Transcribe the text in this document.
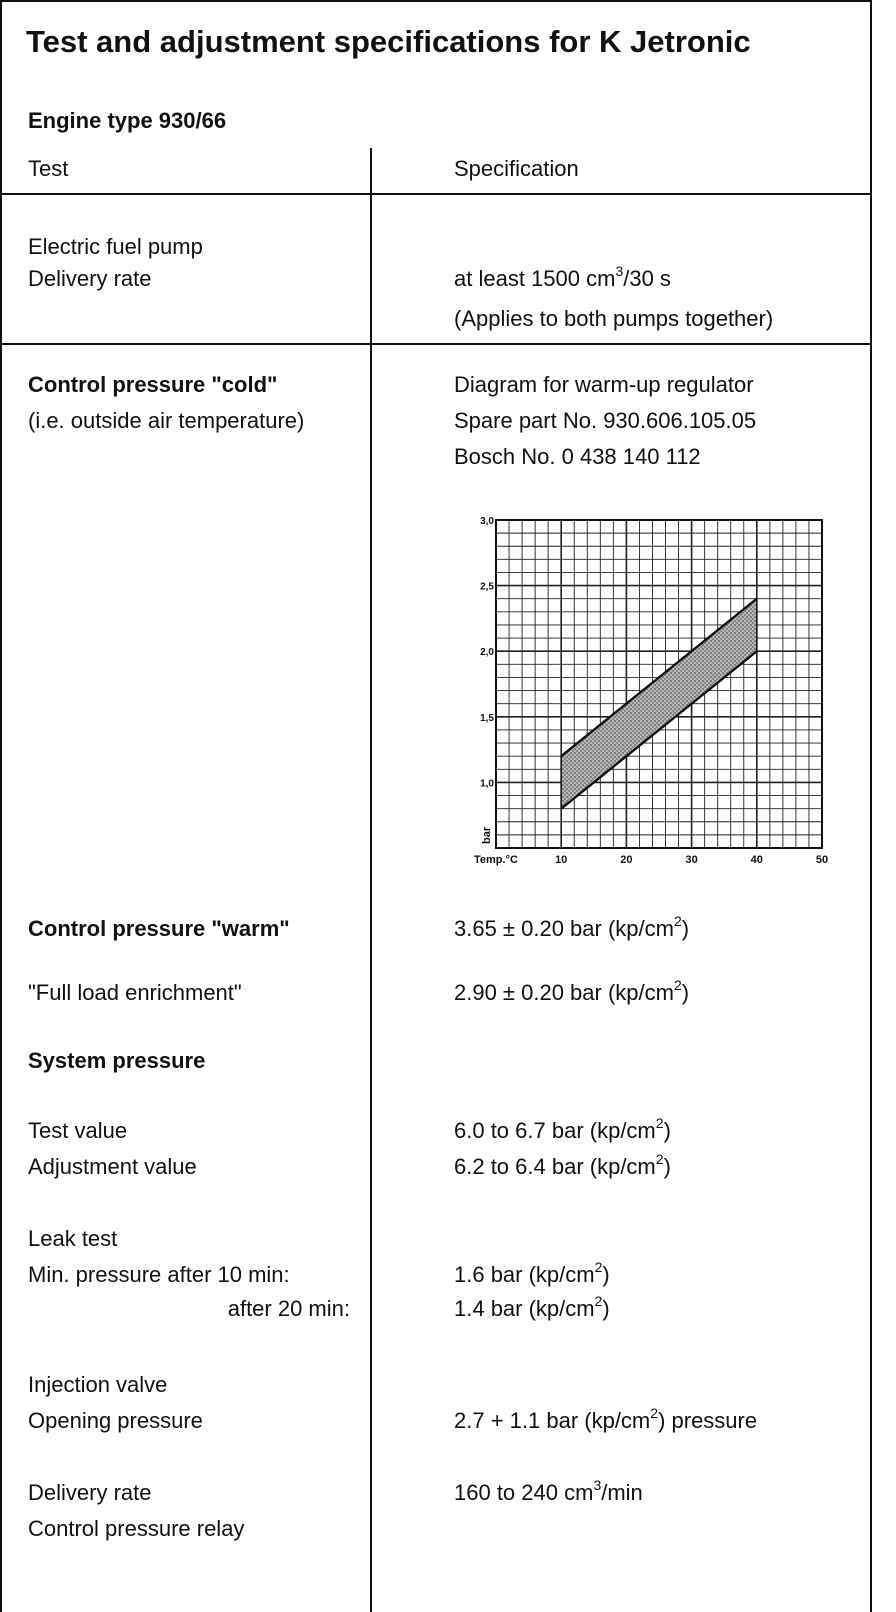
Test and adjustment specifications for K Jetronic
Engine type 930/66
Test	Specification
Electric fuel pump
Delivery rate	at least 1500 $cm^3/30$ s
(Applies to both pumps together)
Control pressure "cold"
(i.e. outside air temperature)
Diagram for warm-up regulator
Spare part No. 930.606.105.05
Bosch No. 0 438 140 112
1,0
1,5
2,0
2,5
3,0
10	20	30	40	50
Temp.°C
bar
Control pressure "warm"	3.65 ± 0.20 bar $(kp/cm^2)$
"Full load enrichment"	2.90 ± 0.20 bar $(kp/cm^2)$
System pressure
Test value	6.0 to 6.7 bar $(kp/cm^2)$
Adjustment value	6.2 to 6.4 bar $(kp/cm^2)$
Leak test
Min. pressure after 10 min:	1.6 bar $(kp/cm^2)$
after 20 min:	1.4 bar $(kp/cm^2)$
Injection valve
Opening pressure	2.7 + 1.1 bar $(kp/cm^2)$ pressure
Delivery rate	160 to 240 $cm^3/\min$
Control pressure relay
